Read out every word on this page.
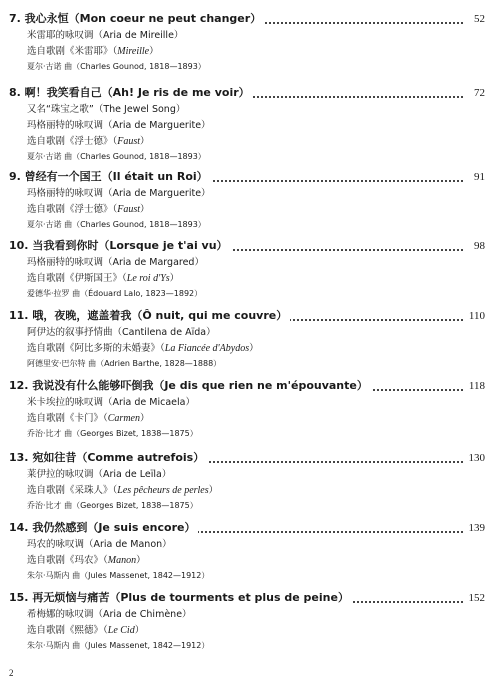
7. 我心永恒（Mon coeur ne peut changer）	52
米雷耶的咏叹调（Aria de Mireille）
选自歌剧《米雷耶》（Mireille）
夏尔·古诺 曲（Charles Gounod, 1818—1893）
8. 啊！我笑看自己（Ah! Je ris de me voir）	72
又名“珠宝之歌”（The Jewel Song）
玛格丽特的咏叹调（Aria de Marguerite）
选自歌剧《浮士德》（Faust）
夏尔·古诺 曲（Charles Gounod, 1818—1893）
9. 曾经有一个国王（Il était un Roi）	91
玛格丽特的咏叹调（Aria de Marguerite）
选自歌剧《浮士德》（Faust）
夏尔·古诺 曲（Charles Gounod, 1818—1893）
10. 当我看到你时（Lorsque je t'ai vu）	98
玛格丽特的咏叹调（Aria de Margared）
选自歌剧《伊斯国王》（Le roi d'Ys）
爱德华·拉罗 曲（Édouard Lalo, 1823—1892）
11. 哦，夜晚，遮盖着我（Ô nuit, qui me couvre）	110
阿伊达的叙事抒情曲（Cantilena de Aïda）
选自歌剧《阿比多斯的未婚妻》（La Fiancée d'Abydos）
阿德里安·巴尔特 曲（Adrien Barthe, 1828—1888）
12. 我说没有什么能够吓倒我（Je dis que rien ne m'épouvante）	118
米卡埃拉的咏叹调（Aria de Micaela）
选自歌剧《卡门》（Carmen）
乔治·比才 曲（Georges Bizet, 1838—1875）
13. 宛如往昔（Comme autrefois）	130
莱伊拉的咏叹调（Aria de Leïla）
选自歌剧《采珠人》（Les pêcheurs de perles）
乔治·比才 曲（Georges Bizet, 1838—1875）
14. 我仍然感到（Je suis encore）	139
玛农的咏叹调（Aria de Manon）
选自歌剧《玛农》（Manon）
朱尔·马斯内 曲（Jules Massenet, 1842—1912）
15. 再无烦恼与痛苦（Plus de tourments et plus de peine）	152
希梅娜的咏叹调（Aria de Chimène）
选自歌剧《熙德》（Le Cid）
朱尔·马斯内 曲（Jules Massenet, 1842—1912）
2
